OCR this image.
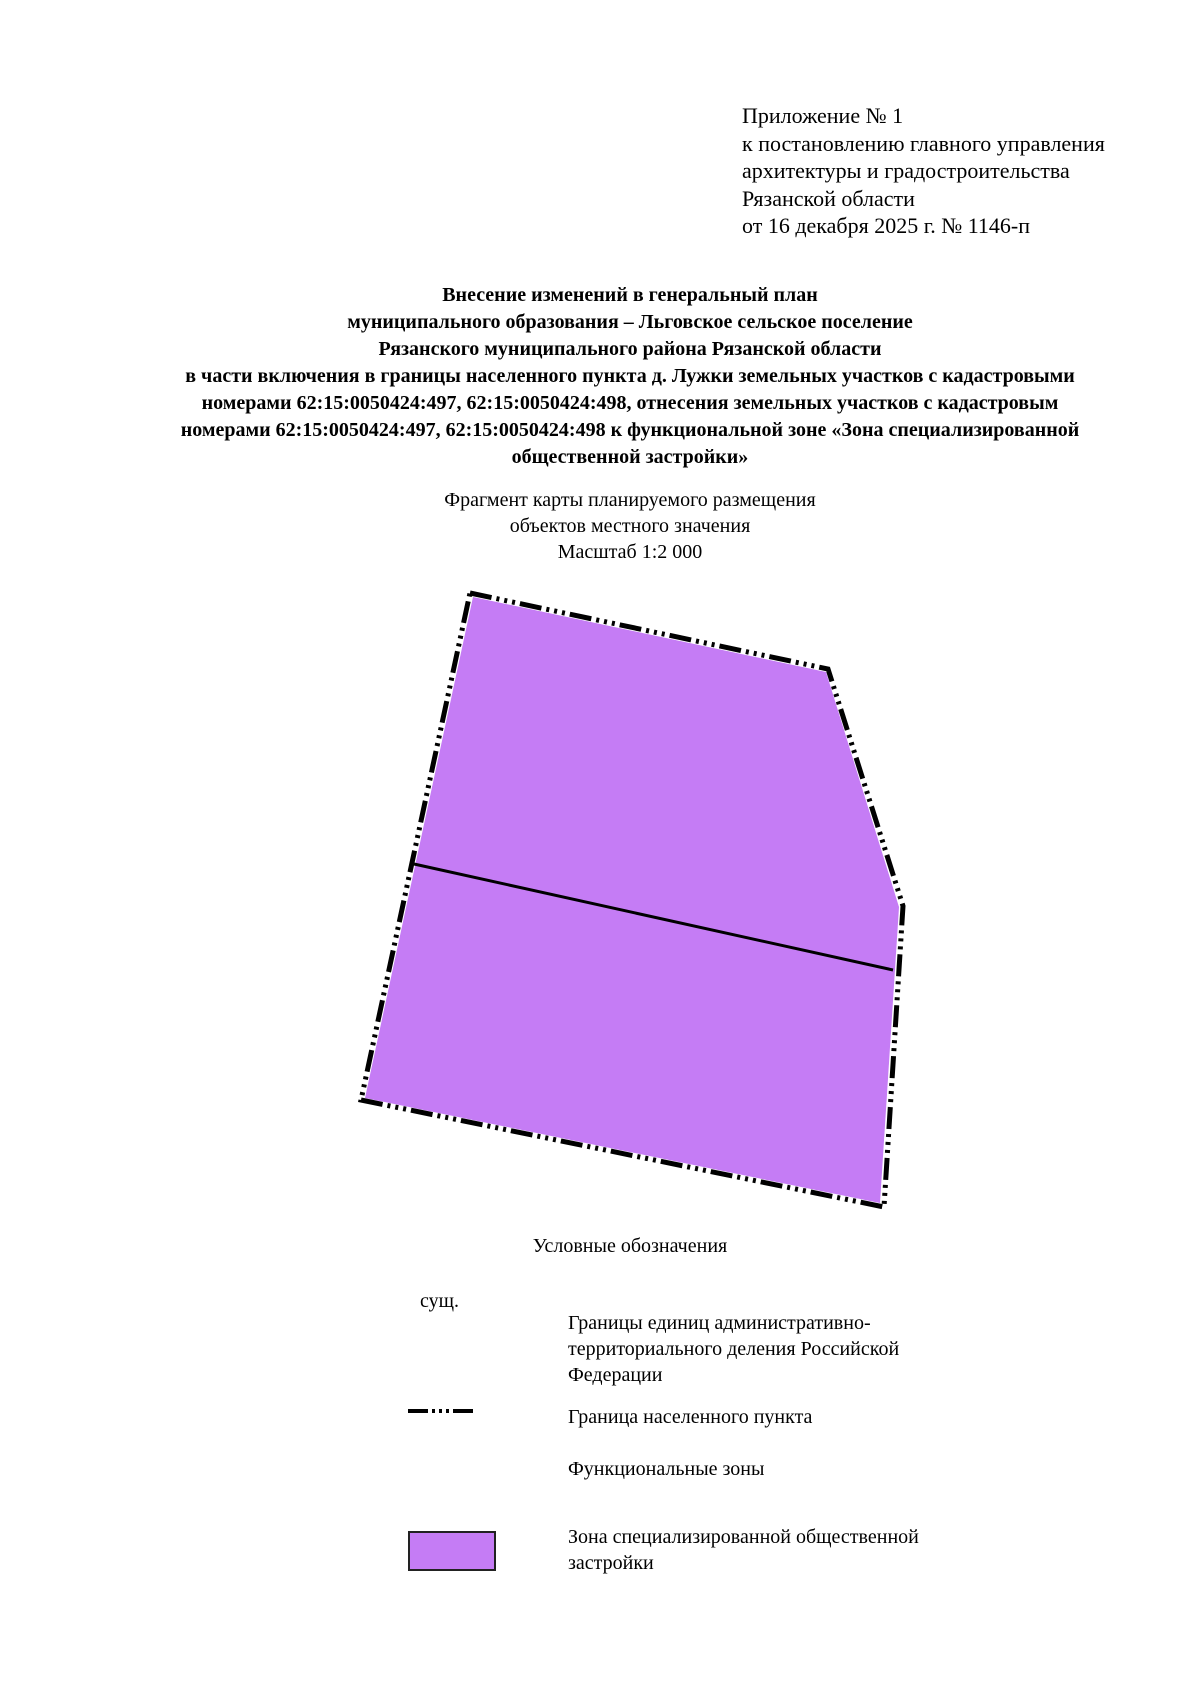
Приложение № 1
к постановлению главного управления
архитектуры и градостроительства
Рязанской области
от 16 декабря 2025 г. № 1146-п
Внесение изменений в генеральный план
муниципального образования – Льговское сельское поселение
Рязанского муниципального района Рязанской области
в части включения в границы населенного пункта д. Лужки земельных участков с кадастровыми
номерами 62:15:0050424:497, 62:15:0050424:498, отнесения земельных участков с кадастровым
номерами 62:15:0050424:497, 62:15:0050424:498 к функциональной зоне «Зона специализированной
общественной застройки»
Фрагмент карты планируемого размещения
объектов местного значения
Масштаб 1:2 000
Условные обозначения
сущ.
Границы единиц административно-территориального деления Российской Федерации
Граница населенного пункта
Функциональные зоны
Зона специализированной общественной застройки
